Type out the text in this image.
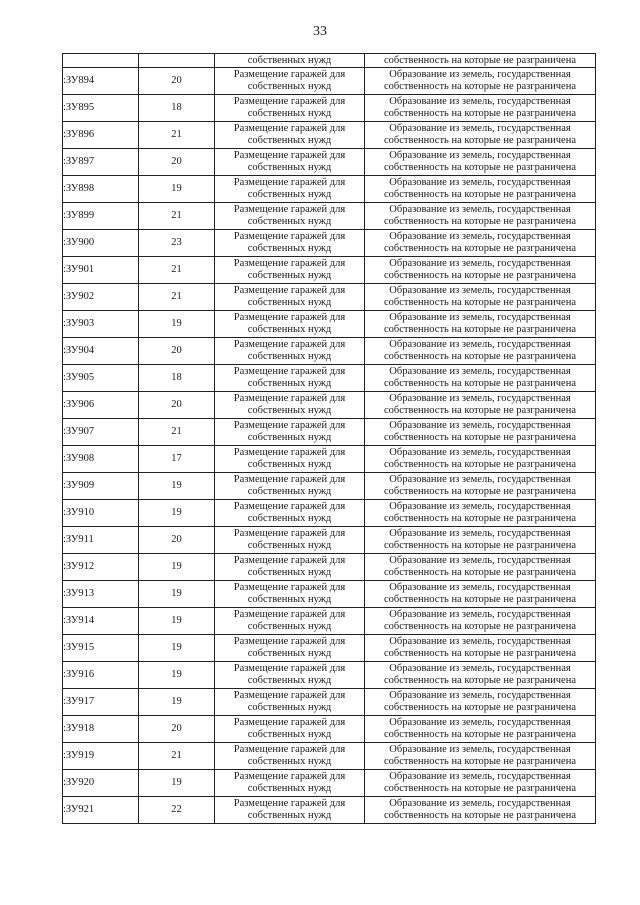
33
		собственных нужд	собственность на которые не разграничена
:ЗУ894	20	Размещение гаражей для
собственных нужд	Образование из земель, государственная
собственность на которые не разграничена

:ЗУ895	18	Размещение гаражей для
собственных нужд	Образование из земель, государственная
собственность на которые не разграничена

:ЗУ896	21	Размещение гаражей для
собственных нужд	Образование из земель, государственная
собственность на которые не разграничена

:ЗУ897	20	Размещение гаражей для
собственных нужд	Образование из земель, государственная
собственность на которые не разграничена

:ЗУ898	19	Размещение гаражей для
собственных нужд	Образование из земель, государственная
собственность на которые не разграничена

:ЗУ899	21	Размещение гаражей для
собственных нужд	Образование из земель, государственная
собственность на которые не разграничена

:ЗУ900	23	Размещение гаражей для
собственных нужд	Образование из земель, государственная
собственность на которые не разграничена

:ЗУ901	21	Размещение гаражей для
собственных нужд	Образование из земель, государственная
собственность на которые не разграничена

:ЗУ902	21	Размещение гаражей для
собственных нужд	Образование из земель, государственная
собственность на которые не разграничена

:ЗУ903	19	Размещение гаражей для
собственных нужд	Образование из земель, государственная
собственность на которые не разграничена

:ЗУ904	20	Размещение гаражей для
собственных нужд	Образование из земель, государственная
собственность на которые не разграничена

:ЗУ905	18	Размещение гаражей для
собственных нужд	Образование из земель, государственная
собственность на которые не разграничена

:ЗУ906	20	Размещение гаражей для
собственных нужд	Образование из земель, государственная
собственность на которые не разграничена

:ЗУ907	21	Размещение гаражей для
собственных нужд	Образование из земель, государственная
собственность на которые не разграничена

:ЗУ908	17	Размещение гаражей для
собственных нужд	Образование из земель, государственная
собственность на которые не разграничена

:ЗУ909	19	Размещение гаражей для
собственных нужд	Образование из земель, государственная
собственность на которые не разграничена

:ЗУ910	19	Размещение гаражей для
собственных нужд	Образование из земель, государственная
собственность на которые не разграничена

:ЗУ911	20	Размещение гаражей для
собственных нужд	Образование из земель, государственная
собственность на которые не разграничена

:ЗУ912	19	Размещение гаражей для
собственных нужд	Образование из земель, государственная
собственность на которые не разграничена

:ЗУ913	19	Размещение гаражей для
собственных нужд	Образование из земель, государственная
собственность на которые не разграничена

:ЗУ914	19	Размещение гаражей для
собственных нужд	Образование из земель, государственная
собственность на которые не разграничена

:ЗУ915	19	Размещение гаражей для
собственных нужд	Образование из земель, государственная
собственность на которые не разграничена

:ЗУ916	19	Размещение гаражей для
собственных нужд	Образование из земель, государственная
собственность на которые не разграничена

:ЗУ917	19	Размещение гаражей для
собственных нужд	Образование из земель, государственная
собственность на которые не разграничена

:ЗУ918	20	Размещение гаражей для
собственных нужд	Образование из земель, государственная
собственность на которые не разграничена

:ЗУ919	21	Размещение гаражей для
собственных нужд	Образование из земель, государственная
собственность на которые не разграничена

:ЗУ920	19	Размещение гаражей для
собственных нужд	Образование из земель, государственная
собственность на которые не разграничена

:ЗУ921	22	Размещение гаражей для
собственных нужд	Образование из земель, государственная
собственность на которые не разграничена
